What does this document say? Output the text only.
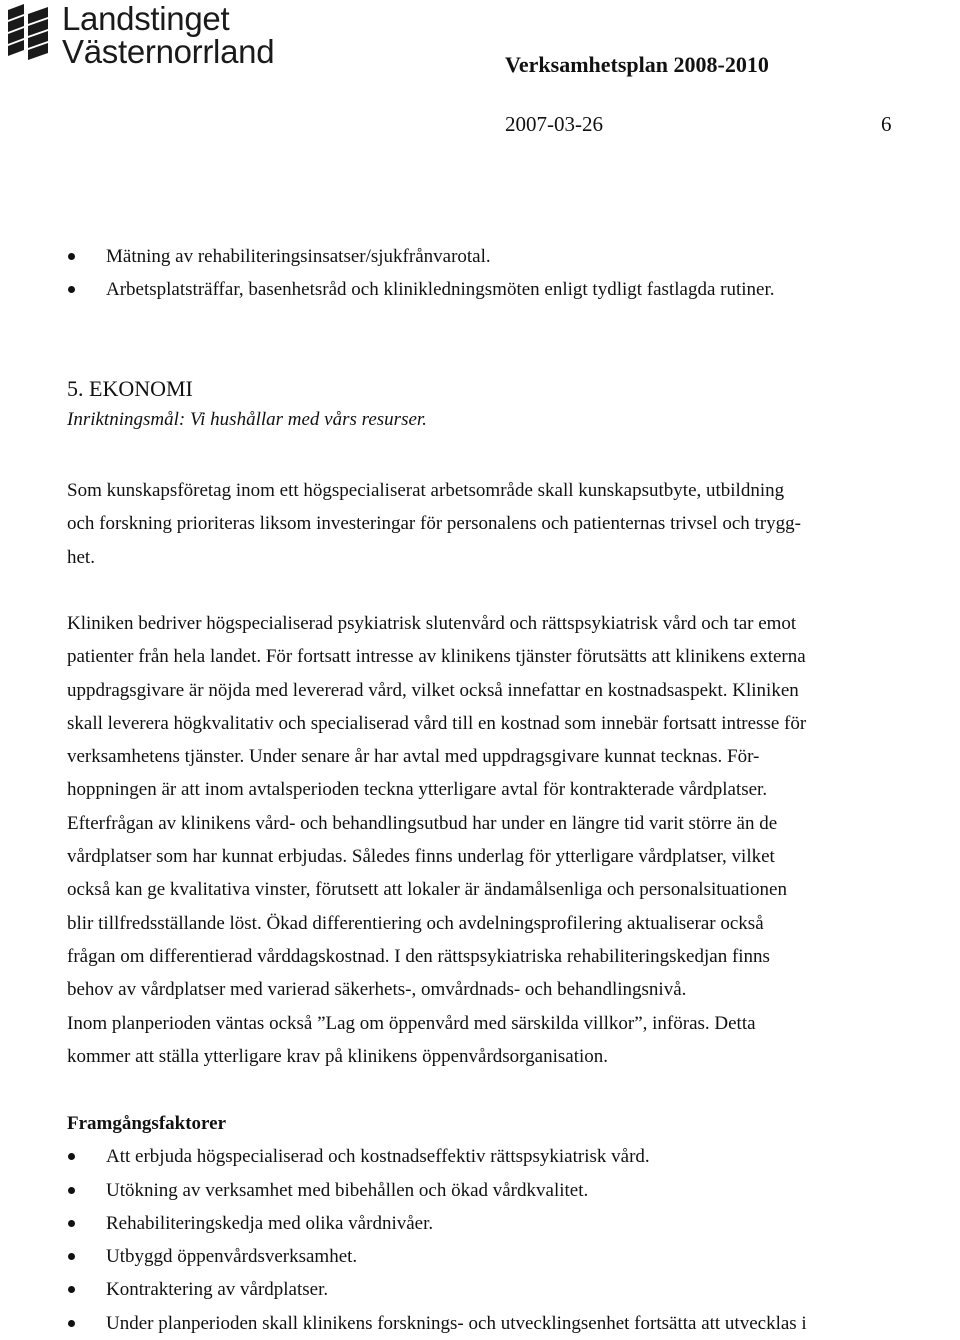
Landstinget
Västernorrland	Verksamhetsplan 2008-2010
2007-03-26	6
Mätning av rehabiliteringsinsatser/sjukfrånvarotal.
Arbetsplatsträffar, basenhetsråd och klinikledningsmöten enligt tydligt fastlagda rutiner.
5. EKONOMI
Inriktningsmål: Vi hushållar med vårs resurser.

Som kunskapsföretag inom ett högspecialiserat arbetsområde skall kunskapsutbyte, utbildning

och forskning prioriteras liksom investeringar för personalens och patienternas trivsel och trygg-

het.

Kliniken bedriver högspecialiserad psykiatrisk slutenvård och rättspsykiatrisk vård och tar emot

patienter från hela landet. För fortsatt intresse av klinikens tjänster förutsätts att klinikens externa

uppdragsgivare är nöjda med levererad vård, vilket också innefattar en kostnadsaspekt. Kliniken

skall leverera högkvalitativ och specialiserad vård till en kostnad som innebär fortsatt intresse för

verksamhetens tjänster. Under senare år har avtal med uppdragsgivare kunnat tecknas. För-

hoppningen är att inom avtalsperioden teckna ytterligare avtal för kontrakterade vårdplatser.

Efterfrågan av klinikens vård- och behandlingsutbud har under en längre tid varit större än de

vårdplatser som har kunnat erbjudas. Således finns underlag för ytterligare vårdplatser, vilket

också kan ge kvalitativa vinster, förutsett att lokaler är ändamålsenliga och personalsituationen

blir tillfredsställande löst. Ökad differentiering och avdelningsprofilering aktualiserar också

frågan om differentierad vårddagskostnad. I den rättspsykiatriska rehabiliteringskedjan finns

behov av vårdplatser med varierad säkerhets-, omvårdnads- och behandlingsnivå.

Inom planperioden väntas också ”Lag om öppenvård med särskilda villkor”, införas. Detta

kommer att ställa ytterligare krav på klinikens öppenvårdsorganisation.

Framgångsfaktorer
Att erbjuda högspecialiserad och kostnadseffektiv rättspsykiatrisk vård.
Utökning av verksamhet med bibehållen och ökad vårdkvalitet.
Rehabiliteringskedja med olika vårdnivåer.
Utbyggd öppenvårdsverksamhet.
Kontraktering av vårdplatser.
Under planperioden skall klinikens forsknings- och utvecklingsenhet fortsätta att utvecklas i
